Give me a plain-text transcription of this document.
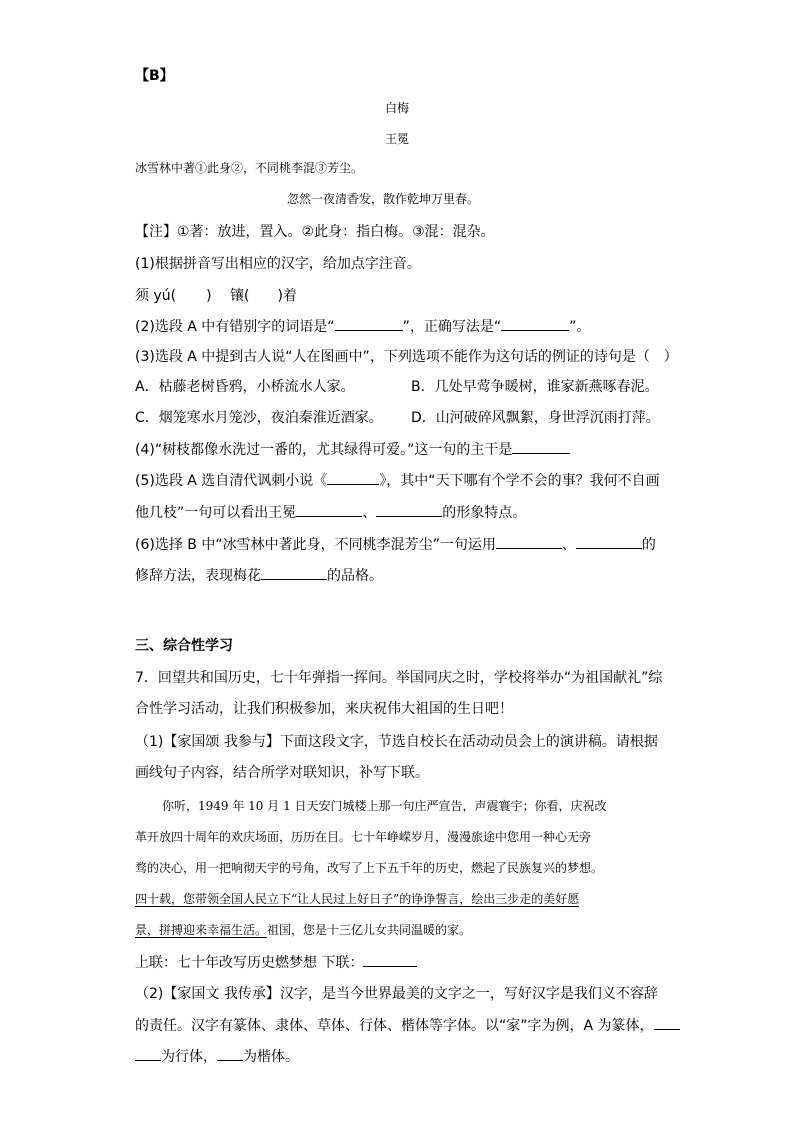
【B】
白梅
王冕
冰雪林中著①此身②，不同桃李混③芳尘。
忽然一夜清香发，散作乾坤万里春。
【注】①著：放进，置入。②此身：指白梅。③混：混杂。
(1)根据拼音写出相应的汉字，给加点字注音。
须 yú( ) 镶( )着
(2)选段 A 中有错别字的词语是“	”，正确写法是“	”。
(3)选段 A 中提到古人说“人在图画中”，下列选项不能作为这句话的例证的诗句是（　）
A．枯藤老树昏鸦，小桥流水人家。	B．几处早莺争暖树，谁家新燕啄春泥。
C．烟笼寒水月笼沙，夜泊秦淮近酒家。 D．山河破碎风飘絮，身世浮沉雨打萍。
(4)“树枝都像水洗过一番的，尤其绿得可爱。”这一句的主干是
(5)选段 A 选自清代讽刺小说《	》，其中“天下哪有个学不会的事？我何不自画
他几枝”一句可以看出王冕	、	的形象特点。
(6)选择 B 中“冰雪林中著此身，不同桃李混芳尘”一句运用	、	的
修辞方法，表现梅花	的品格。
三、综合性学习
7．回望共和国历史，七十年弹指一挥间。举国同庆之时，学校将举办“为祖国献礼”综
合性学习活动，让我们积极参加，来庆祝伟大祖国的生日吧！
（1)【家国颂 我参与】下面这段文字，节选自校长在活动动员会上的演讲稿。请根据
画线句子内容，结合所学对联知识，补写下联。
你听，1949 年 10 月 1 日天安门城楼上那一句庄严宣告，声震寰宇；你看，庆祝改
革开放四十周年的欢庆场面，历历在目。七十年峥嵘岁月，漫漫旅途中您用一种心无旁
骛的决心，用一把响彻天宇的号角，改写了上下五千年的历史，燃起了民族复兴的梦想。
四十载，您带领全国人民立下“让人民过上好日子”的诤诤誓言，绘出三步走的美好愿
景，拼搏迎来幸福生活。祖国，您是十三亿儿女共同温暖的家。
上联：七十年改写历史燃梦想 下联：
（2)【家国文 我传承】汉字，是当今世界最美的文字之一，写好汉字是我们义不容辞
的责任。汉字有篆体、隶体、草体、行体、楷体等字体。以“家”字为例，A 为篆体，
为行体， 为楷体。
